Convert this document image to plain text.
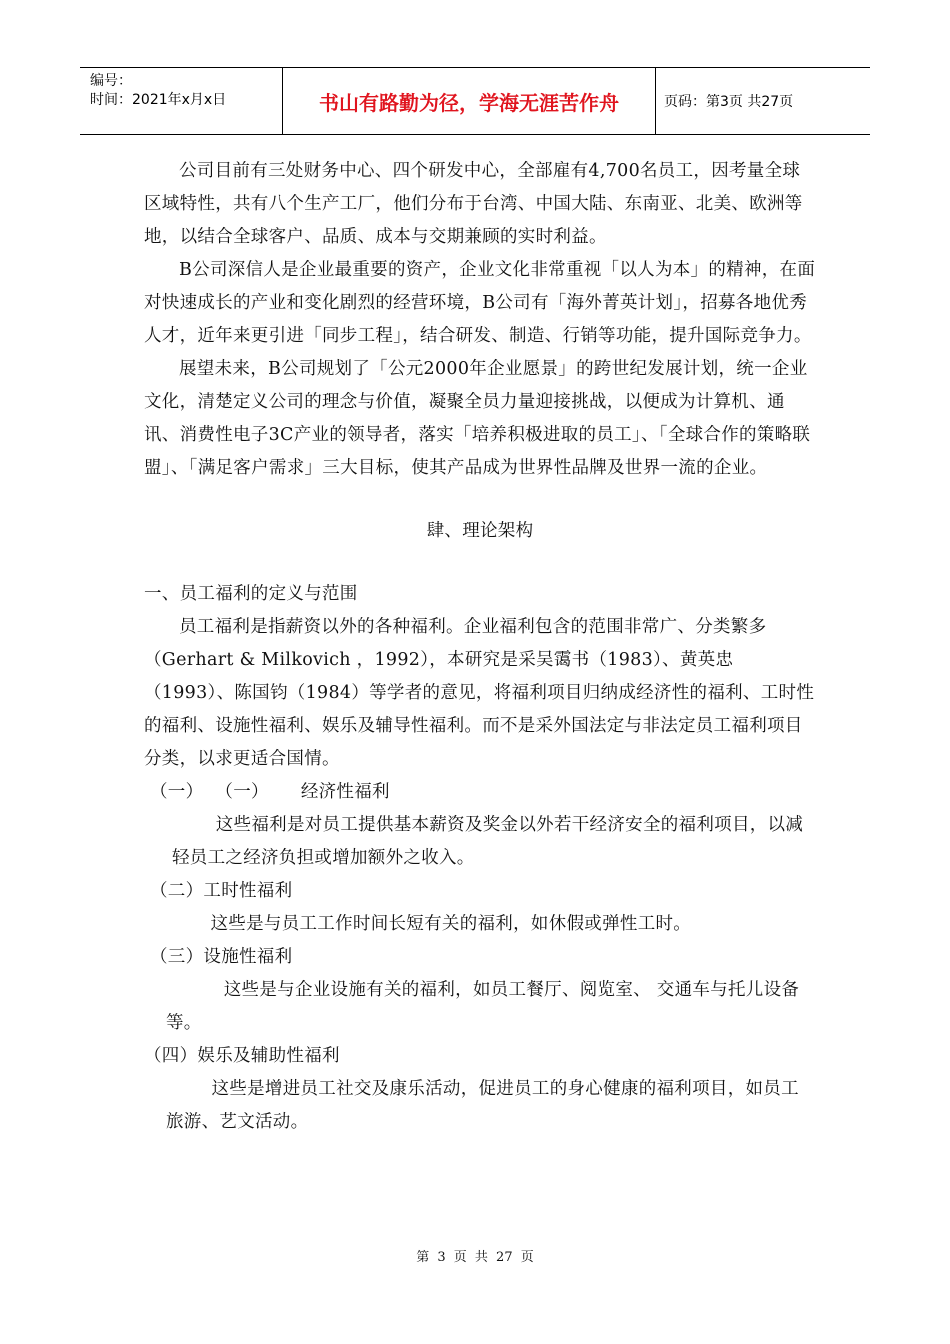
编号：
时间：2021年x月x日	书山有路勤为径，学海无涯苦作舟	页码：第3页 共27页

公司目前有三处财务中心、四个研发中心，全部雇有4,700名员工，因考量全球区域特性，共有八个生产工厂，他们分布于台湾、中国大陆、东南亚、北美、欧洲等地，以结合全球客户、品质、成本与交期兼顾的实时利益。

B公司深信人是企业最重要的资产，企业文化非常重视「以人为本」的精神，在面对快速成长的产业和变化剧烈的经营环境，B公司有「海外菁英计划」，招募各地优秀人才，近年来更引进「同步工程」，结合研发、制造、行销等功能，提升国际竞争力。

展望未来，B公司规划了「公元2000年企业愿景」的跨世纪发展计划，统一企业文化，清楚定义公司的理念与价值，凝聚全员力量迎接挑战，以便成为计算机、通讯、消费性电子3C产业的领导者，落实「培养积极进取的员工」、「全球合作的策略联盟」、「满足客户需求」三大目标，使其产品成为世界性品牌及世界一流的企业。

肆、理论架构

一、员工福利的定义与范围

员工福利是指薪资以外的各种福利。企业福利包含的范围非常广、分类繁多（Gerhart & Milkovich ，1992），本研究是采吴霭书（1983）、黄英忠（1993）、陈国钧（1984）等学者的意见，将福利项目归纳成经济性的福利、工时性的福利、设施性福利、娱乐及辅导性福利。而不是采外国法定与非法定员工福利项目分类，以求更适合国情。

（一） （一） 经济性福利

这些福利是对员工提供基本薪资及奖金以外若干经济安全的福利项目，以减轻员工之经济负担或增加额外之收入。

（二）工时性福利

这些是与员工工作时间长短有关的福利，如休假或弹性工时。

（三）设施性福利

这些是与企业设施有关的福利，如员工餐厅、阅览室、 交通车与托儿设备等。

（四）娱乐及辅助性福利

这些是增进员工社交及康乐活动，促进员工的身心健康的福利项目，如员工旅游、艺文活动。

第 3 页 共 27 页
